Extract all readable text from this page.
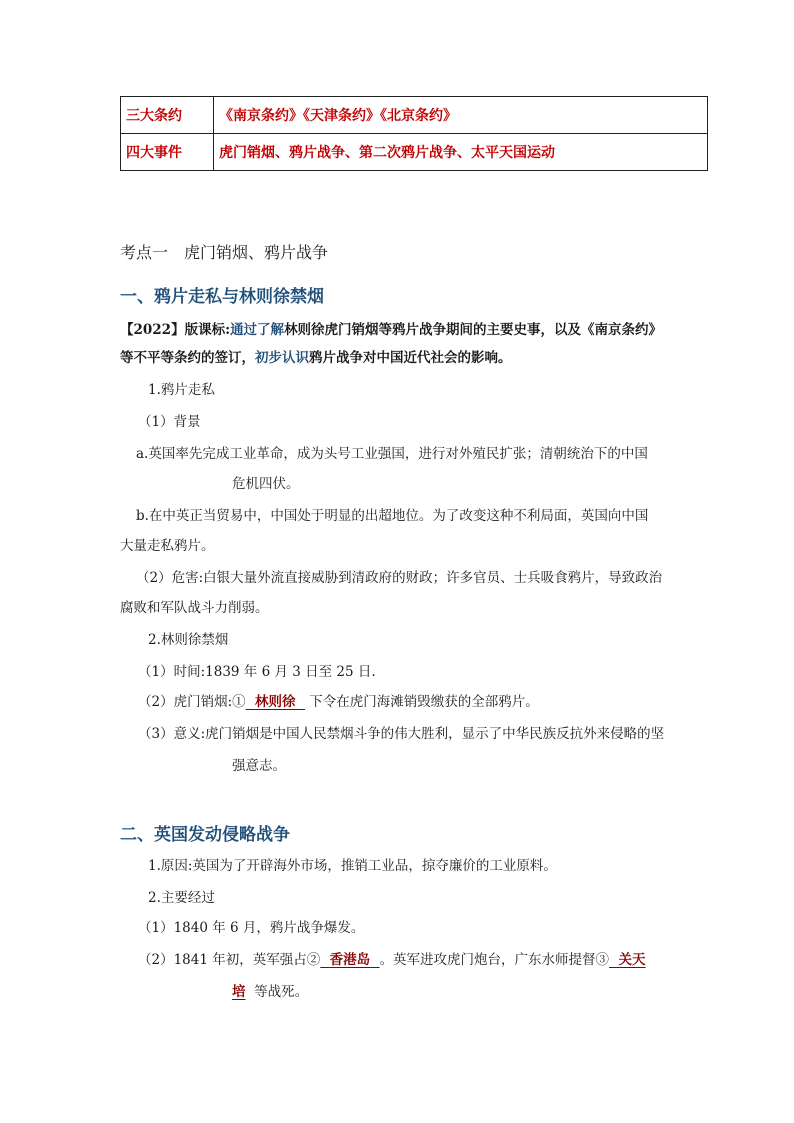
三大条约	《南京条约》《天津条约》《北京条约》
四大事件	虎门销烟、鸦片战争、第二次鸦片战争、太平天国运动
考点一　虎门销烟、鸦片战争
一、鸦片走私与林则徐禁烟
【2022】版课标:通过了解林则徐虎门销烟等鸦片战争期间的主要史事，以及《南京条约》
等不平等条约的签订，初步认识鸦片战争对中国近代社会的影响。
1.鸦片走私
（1）背景
a.英国率先完成工业革命，成为头号工业强国，进行对外殖民扩张；清朝统治下的中国
危机四伏。
b.在中英正当贸易中，中国处于明显的出超地位。为了改变这种不利局面，英国向中国
大量走私鸦片。
（2）危害:白银大量外流直接威胁到清政府的财政；许多官员、士兵吸食鸦片，导致政治
腐败和军队战斗力削弱。
2.林则徐禁烟
（1）时间:1839 年 6 月 3 日至 25 日.
（2）虎门销烟:① 林则徐 下令在虎门海滩销毁缴获的全部鸦片。
（3）意义:虎门销烟是中国人民禁烟斗争的伟大胜利，显示了中华民族反抗外来侵略的坚
强意志。
二、英国发动侵略战争
1.原因:英国为了开辟海外市场，推销工业品，掠夺廉价的工业原料。
2.主要经过
（1）1840 年 6 月，鸦片战争爆发。
（2）1841 年初，英军强占② 香港岛 。英军进攻虎门炮台，广东水师提督③ 关天
培 等战死。
